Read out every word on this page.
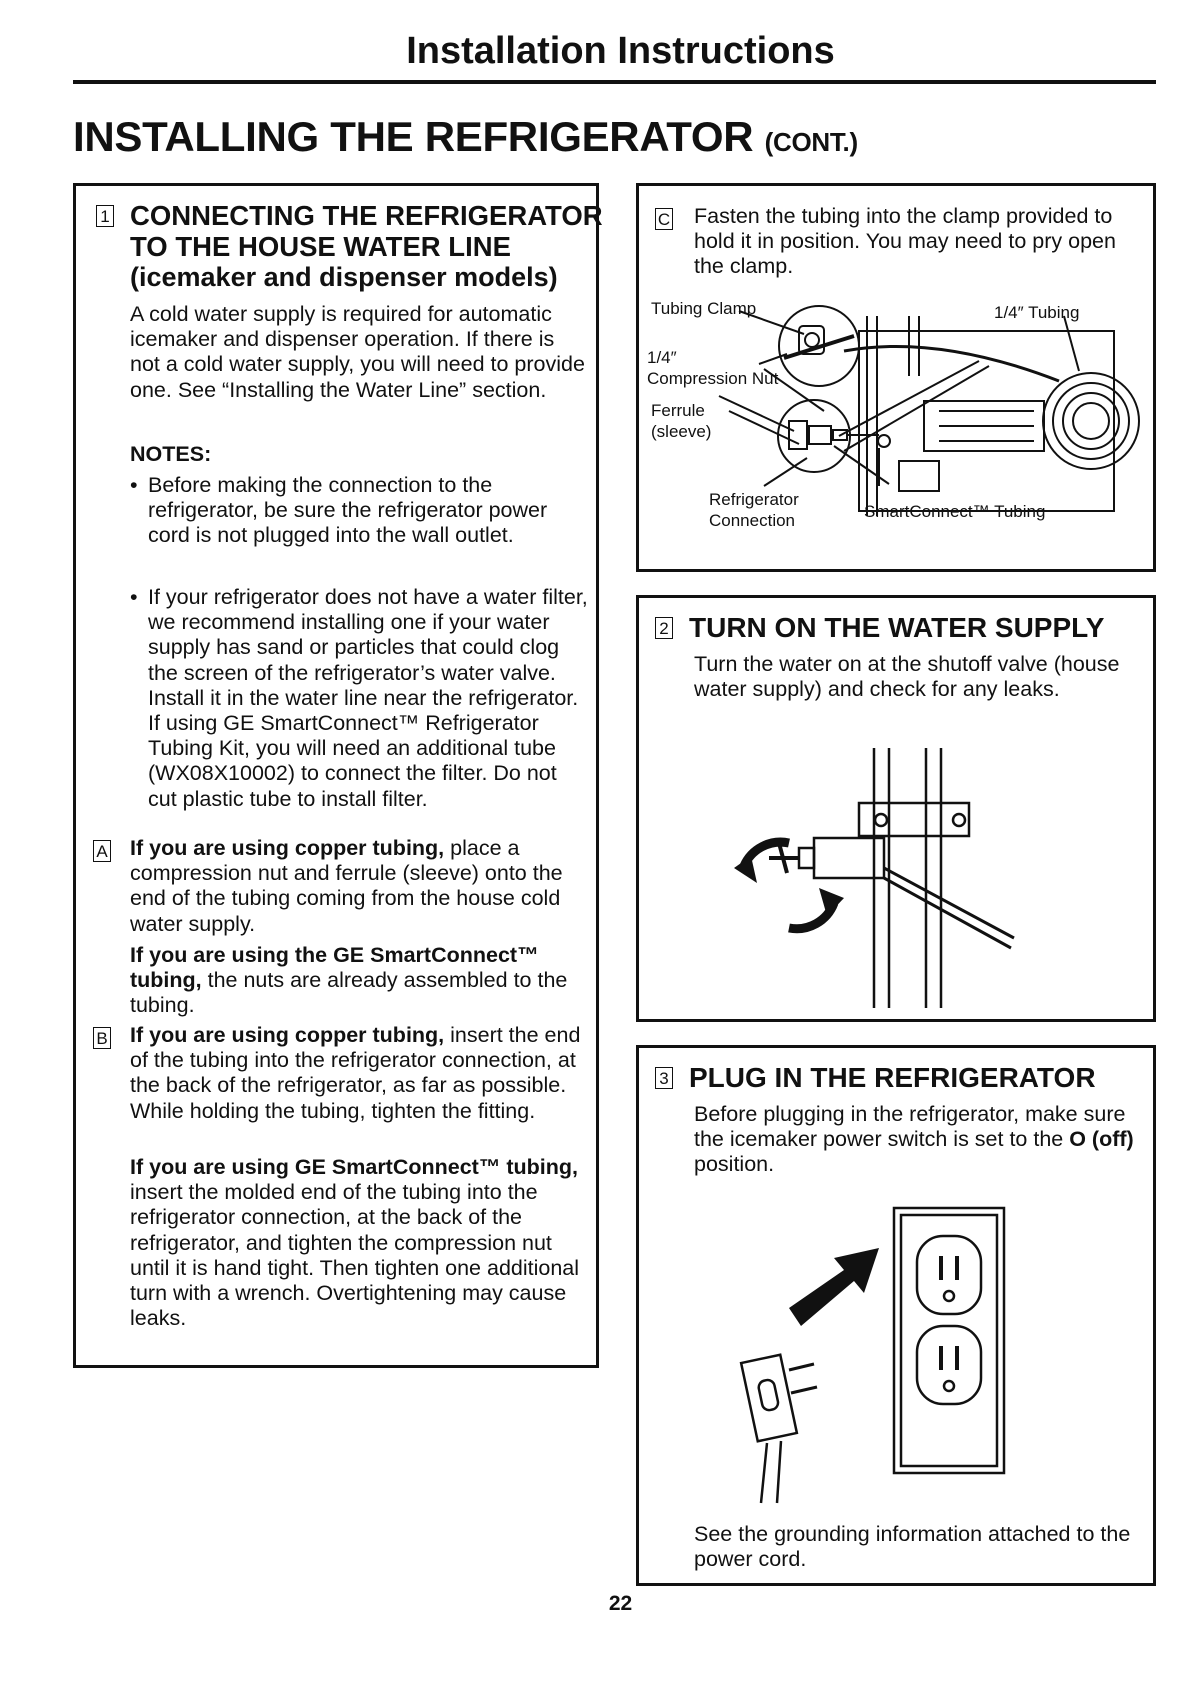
Installation Instructions
INSTALLING THE REFRIGERATOR (CONT.)
1 CONNECTING THE REFRIGERATOR
TO THE HOUSE WATER LINE
(icemaker and dispenser models)

A cold water supply is required for automatic icemaker and dispenser operation. If there is not a cold water supply, you will need to provide one. See “Installing the Water Line” section.

NOTES:
• Before making the connection to the refrigerator, be sure the refrigerator power cord is not plugged into the wall outlet.
• If your refrigerator does not have a water filter, we recommend installing one if your water supply has sand or particles that could clog the screen of the refrigerator’s water valve. Install it in the water line near the refrigerator. If using GE SmartConnect™ Refrigerator Tubing Kit, you will need an additional tube (WX08X10002) to connect the filter. Do not cut plastic tube to install filter.
A If you are using copper tubing, place a compression nut and ferrule (sleeve) onto the end of the tubing coming from the house cold water supply.

If you are using the GE SmartConnect™ tubing, the nuts are already assembled to the tubing.

B If you are using copper tubing, insert the end of the tubing into the refrigerator connection, at the back of the refrigerator, as far as possible. While holding the tubing, tighten the fitting.

If you are using GE SmartConnect™ tubing, insert the molded end of the tubing into the refrigerator connection, at the back of the refrigerator, and tighten the compression nut until it is hand tight. Then tighten one additional turn with a wrench. Overtightening may cause leaks.

C Fasten the tubing into the clamp provided to hold it in position. You may need to pry open the clamp.
Tubing Clamp	1/4″ Tubing
1/4″
Compression Nut
Ferrule
(sleeve)
Refrigerator
Connection	SmartConnect™ Tubing
2 TURN ON THE WATER SUPPLY
Turn the water on at the shutoff valve (house water supply) and check for any leaks.
3 PLUG IN THE REFRIGERATOR
Before plugging in the refrigerator, make sure the icemaker power switch is set to the O (off) position.
See the grounding information attached to the power cord.
22
